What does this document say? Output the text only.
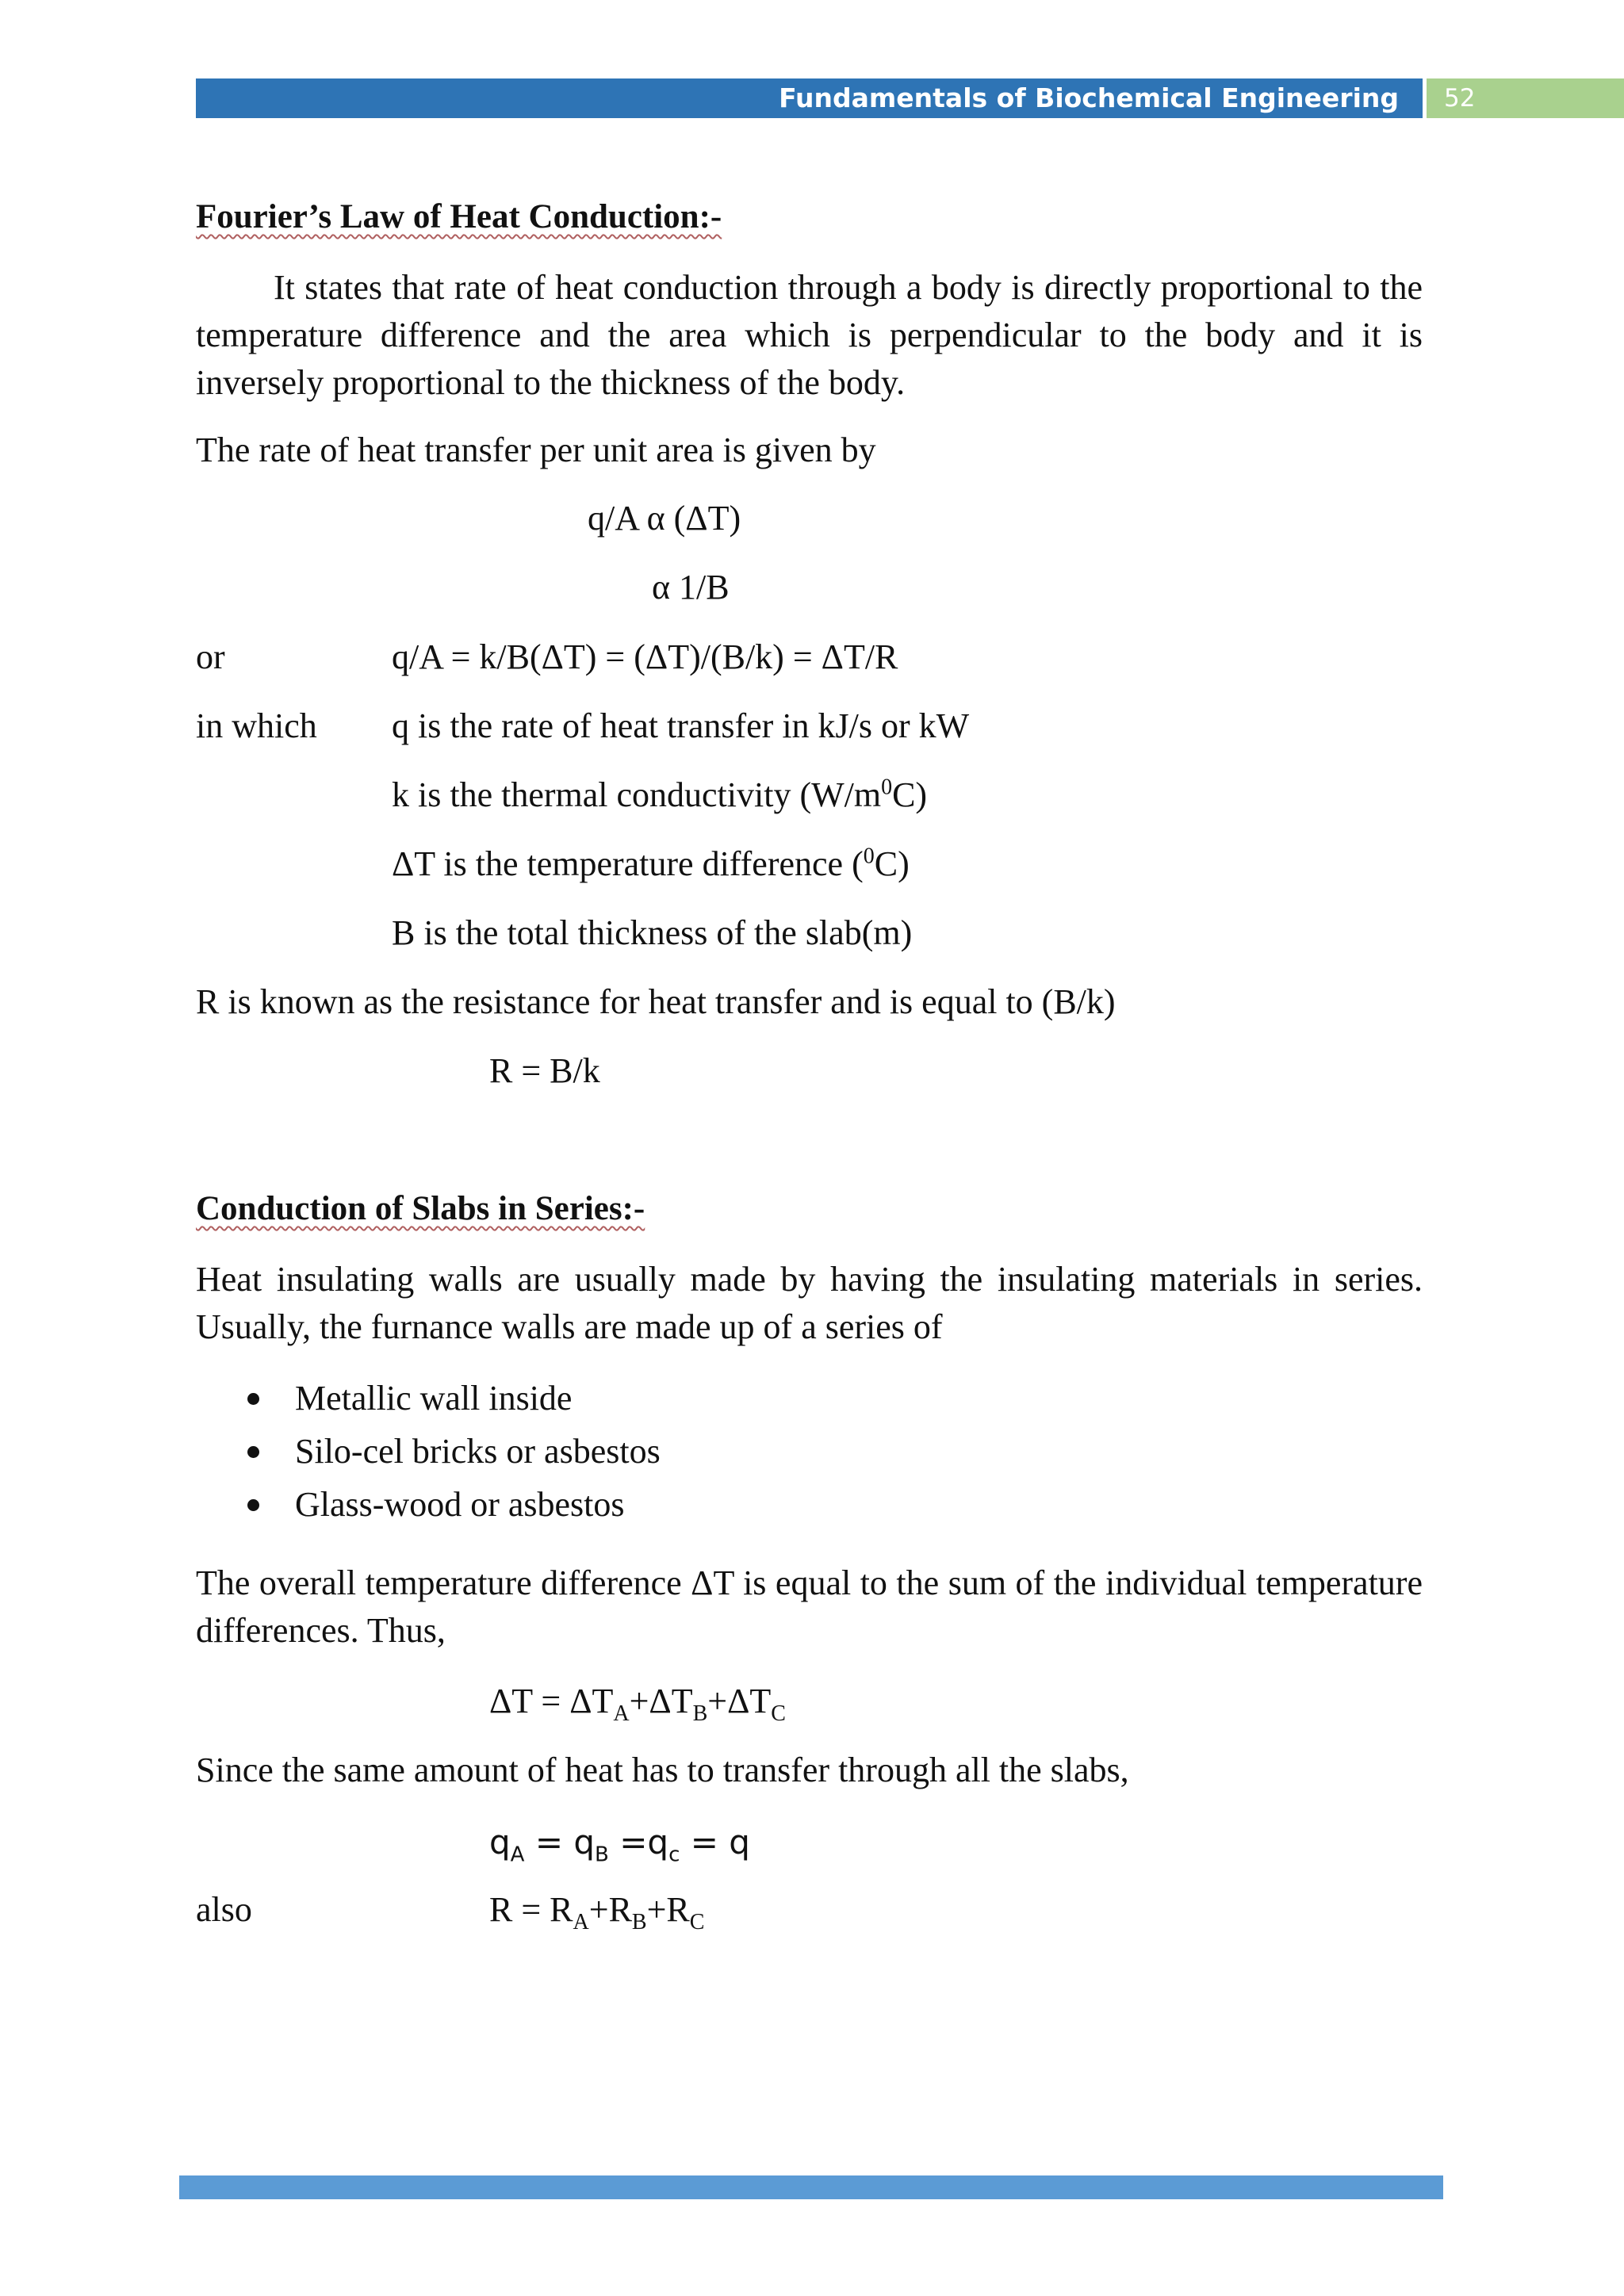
Fundamentals of Biochemical Engineering 52
Fourier’s Law of Heat Conduction:-

It states that rate of heat conduction through a body is directly proportional to the temperature difference and the area which is perpendicular to the body and it is inversely proportional to the thickness of the body.

The rate of heat transfer per unit area is given by
q/A α (ΔT)
α 1/B
or	q/A = k/B(ΔT) = (ΔT)/(B/k) = ΔT/R
in which q is the rate of heat transfer in kJ/s or kW
k is the thermal conductivity $(W/m^0C)$
ΔT is the temperature difference ($^0$C)
B is the total thickness of the slab(m)
R is known as the resistance for heat transfer and is equal to (B/k)
R = B/k
Conduction of Slabs in Series:-

Heat insulating walls are usually made by having the insulating materials in series. Usually, the furnance walls are made up of a series of

Metallic wall inside
Silo-cel bricks or asbestos
Glass-wood or asbestos

The overall temperature difference ΔT is equal to the sum of the individual temperature differences. Thus,

$\Delta T = \Delta T_A+\Delta T_B+\Delta T_C$
Since the same amount of heat has to transfer through all the slabs,
$q_A = q_B =q_c = q$
also	$R = R_A+R_B+R_C$
